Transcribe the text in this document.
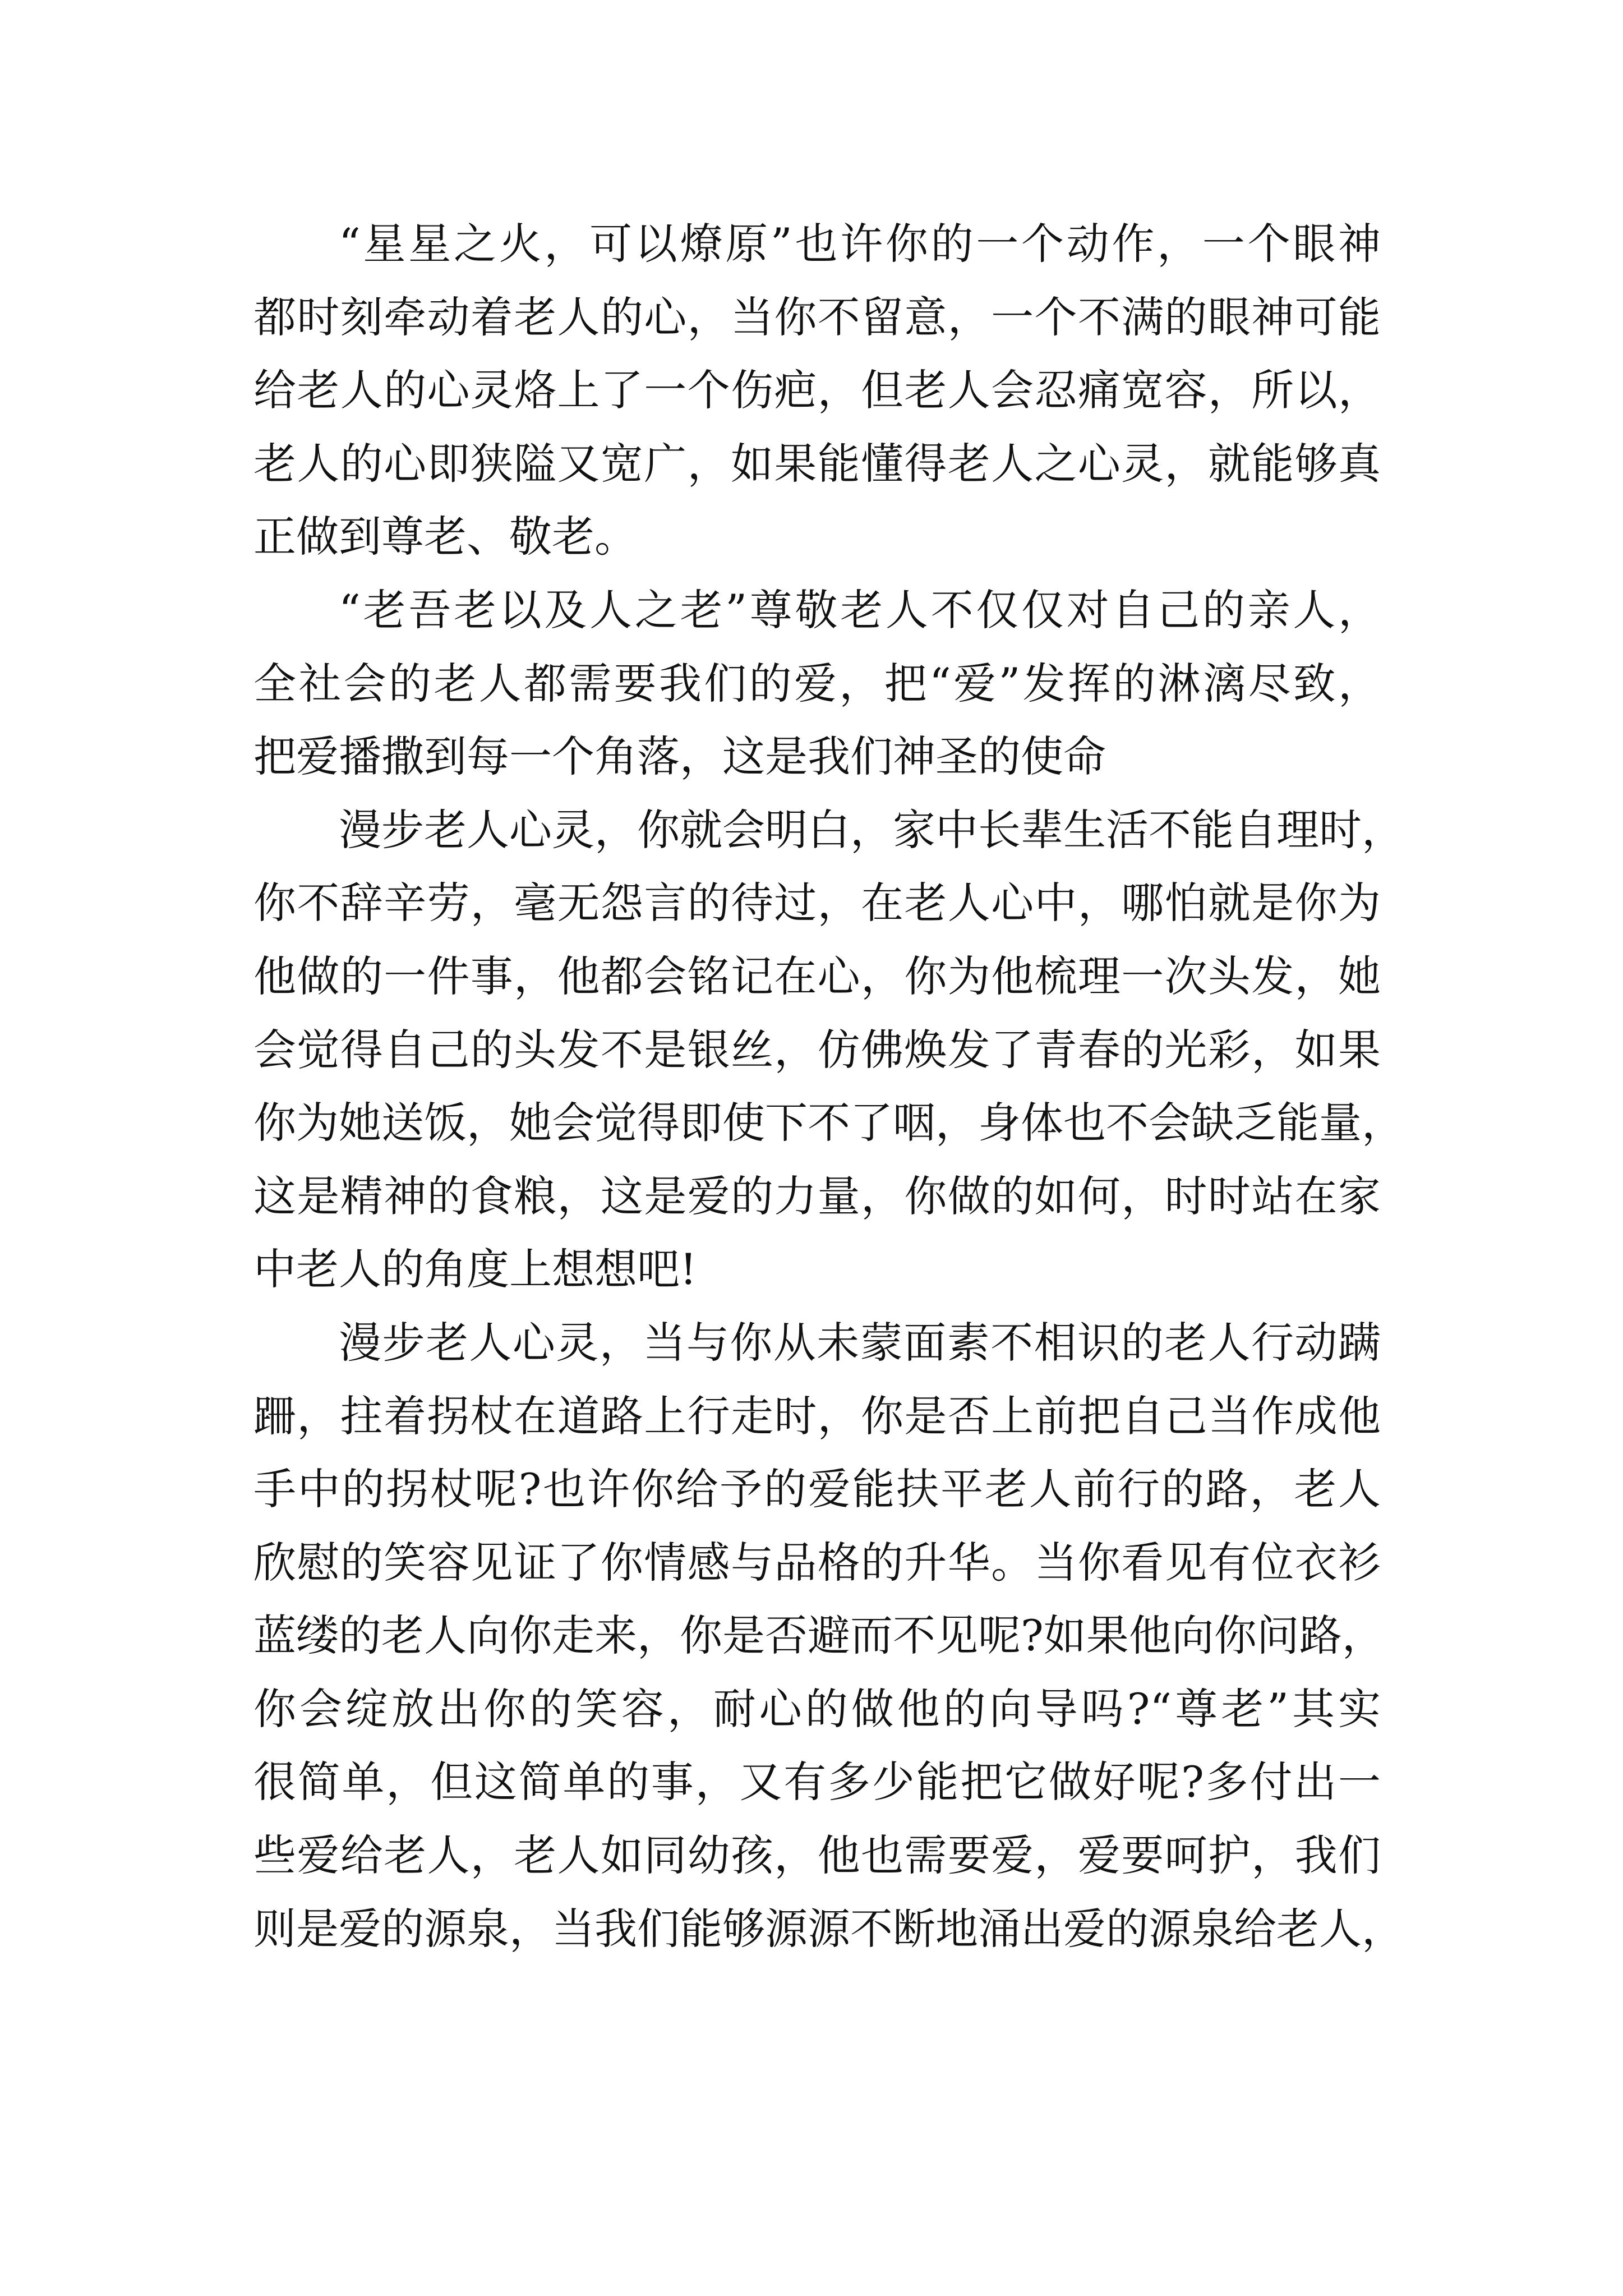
“星星之火，可以燎原”也许你的一个动作，一个眼神
都时刻牵动着老人的心，当你不留意，一个不满的眼神可能
给老人的心灵烙上了一个伤疤，但老人会忍痛宽容，所以，
老人的心即狭隘又宽广，如果能懂得老人之心灵，就能够真
正做到尊老、敬老。
“老吾老以及人之老”尊敬老人不仅仅对自己的亲人，
全社会的老人都需要我们的爱，把“爱”发挥的淋漓尽致，
把爱播撒到每一个角落，这是我们神圣的使命
漫步老人心灵，你就会明白，家中长辈生活不能自理时，
你不辞辛劳，毫无怨言的待过，在老人心中，哪怕就是你为
他做的一件事，他都会铭记在心，你为他梳理一次头发，她
会觉得自己的头发不是银丝，仿佛焕发了青春的光彩，如果
你为她送饭，她会觉得即使下不了咽，身体也不会缺乏能量，
这是精神的食粮，这是爱的力量，你做的如何，时时站在家
中老人的角度上想想吧!
漫步老人心灵，当与你从未蒙面素不相识的老人行动蹒
跚，拄着拐杖在道路上行走时，你是否上前把自己当作成他
手中的拐杖呢?也许你给予的爱能扶平老人前行的路，老人
欣慰的笑容见证了你情感与品格的升华。当你看见有位衣衫
蓝缕的老人向你走来，你是否避而不见呢?如果他向你问路，
你会绽放出你的笑容，耐心的做他的向导吗?“尊老”其实
很简单，但这简单的事，又有多少能把它做好呢?多付出一
些爱给老人，老人如同幼孩，他也需要爱，爱要呵护，我们
则是爱的源泉，当我们能够源源不断地涌出爱的源泉给老人，
